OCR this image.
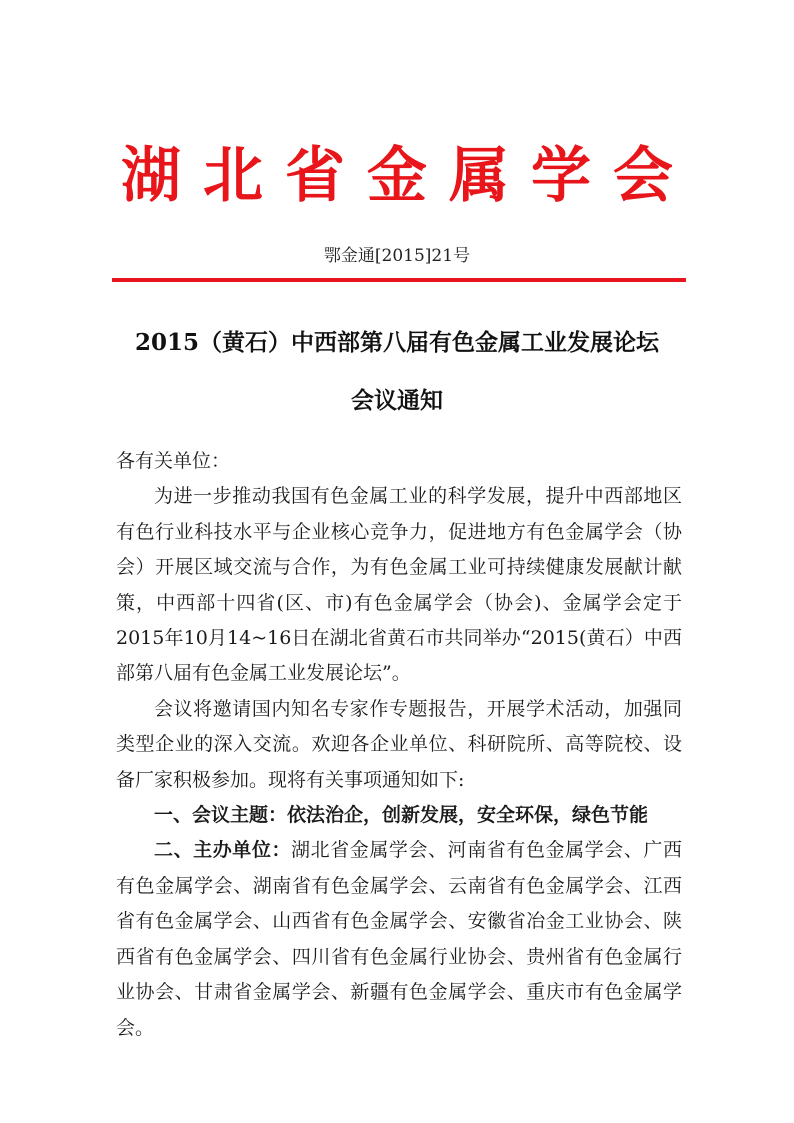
湖北省金属学会
鄂金通[2015]21号
2015（黄石）中西部第八届有色金属工业发展论坛
会议通知

各有关单位：

为进一步推动我国有色金属工业的科学发展，提升中西部地区有色行业科技水平与企业核心竞争力，促进地方有色金属学会（协会）开展区域交流与合作，为有色金属工业可持续健康发展献计献策，中西部十四省(区、市)有色金属学会（协会)、金属学会定于2015年10月14~16日在湖北省黄石市共同举办“2015(黄石）中西部第八届有色金属工业发展论坛”。

会议将邀请国内知名专家作专题报告，开展学术活动，加强同类型企业的深入交流。欢迎各企业单位、科研院所、高等院校、设备厂家积极参加。现将有关事项通知如下:

一、会议主题：依法治企，创新发展，安全环保，绿色节能

二、主办单位：湖北省金属学会、河南省有色金属学会、广西有色金属学会、湖南省有色金属学会、云南省有色金属学会、江西省有色金属学会、山西省有色金属学会、安徽省冶金工业协会、陕西省有色金属学会、四川省有色金属行业协会、贵州省有色金属行业协会、甘肃省金属学会、新疆有色金属学会、重庆市有色金属学会。
